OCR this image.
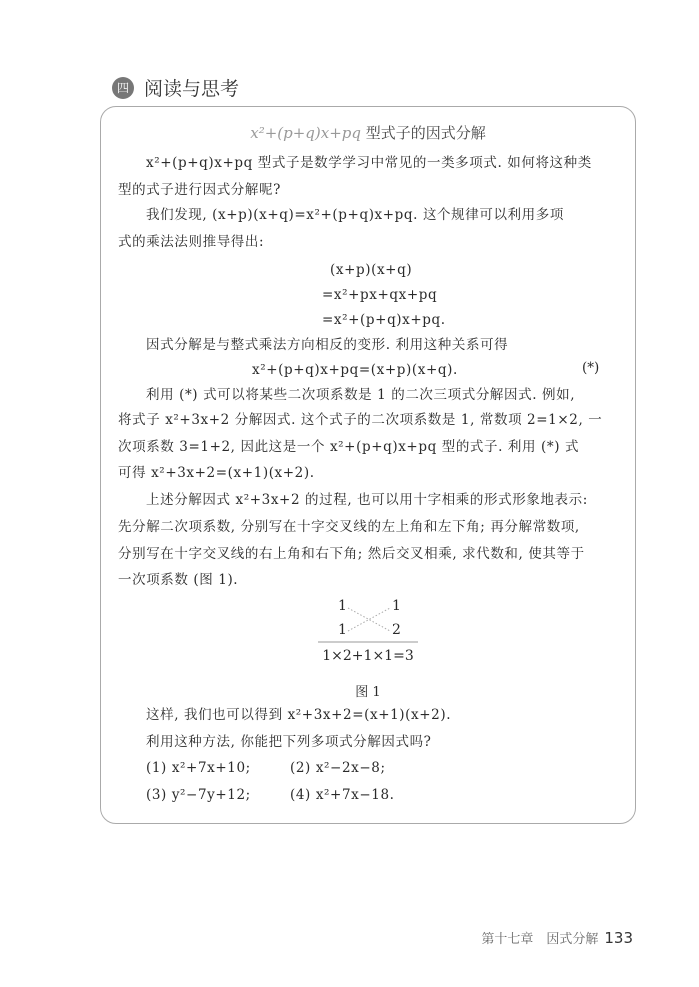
四 阅读与思考
x²+(p+q)x+pq 型式子的因式分解
x²+(p+q)x+pq 型式子是数学学习中常见的一类多项式. 如何将这种类
型的式子进行因式分解呢?
我们发现, (x+p)(x+q)=x²+(p+q)x+pq. 这个规律可以利用多项
式的乘法法则推导得出:
(x+p)(x+q)
=x²+px+qx+pq
=x²+(p+q)x+pq.
因式分解是与整式乘法方向相反的变形. 利用这种关系可得
x²+(p+q)x+pq=(x+p)(x+q).	(*)
利用 (*) 式可以将某些二次项系数是 1 的二次三项式分解因式. 例如,
将式子 x²+3x+2 分解因式. 这个式子的二次项系数是 1, 常数项 2=1×2, 一
次项系数 3=1+2, 因此这是一个 x²+(p+q)x+pq 型的式子. 利用 (*) 式
可得 x²+3x+2=(x+1)(x+2).
上述分解因式 x²+3x+2 的过程, 也可以用十字相乘的形式形象地表示:
先分解二次项系数, 分别写在十字交叉线的左上角和左下角; 再分解常数项,
分别写在十字交叉线的右上角和右下角; 然后交叉相乘, 求代数和, 使其等于
一次项系数 (图 1).
1	1
1	2
1×2+1×1=3
图 1
这样, 我们也可以得到 x²+3x+2=(x+1)(x+2).
利用这种方法, 你能把下列多项式分解因式吗?
(1) x²+7x+10;	(2) x²−2x−8;
(3) y²−7y+12;	(4) x²+7x−18.
第十七章　因式分解 133
